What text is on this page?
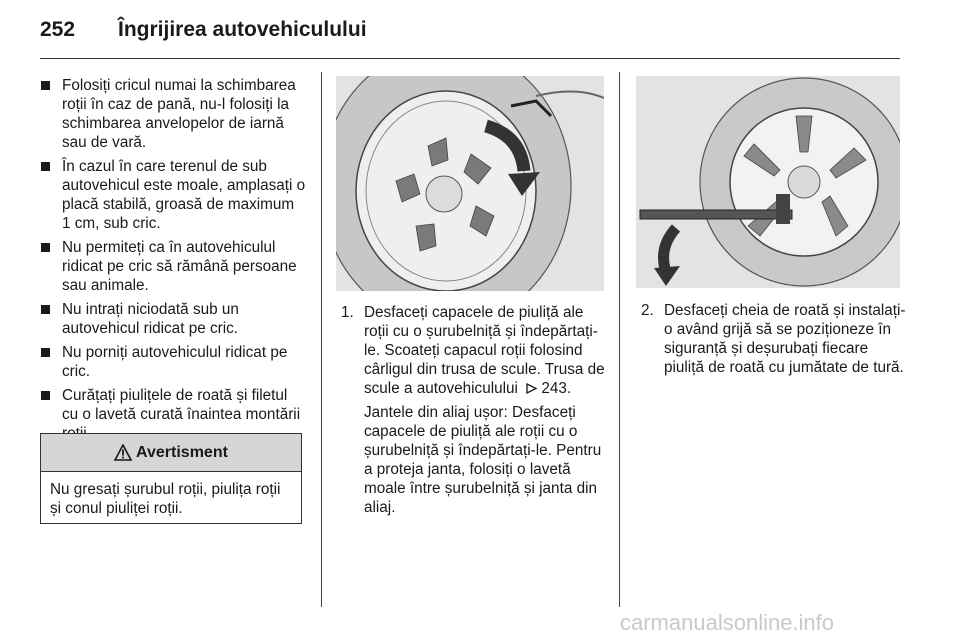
252 Îngrijirea autovehiculului
Folosiți cricul numai la schimbarea roții în caz de pană, nu-l folosiți la schimbarea anvelopelor de iarnă sau de vară.
În cazul în care terenul de sub autovehicul este moale, amplasați o placă stabilă, groasă de maximum 1 cm, sub cric.
Nu permiteți ca în autovehiculul ridicat pe cric să rămână persoane sau animale.
Nu intrați niciodată sub un autovehicul ridicat pe cric.
Nu porniți autovehiculul ridicat pe cric.
Curățați piulițele de roată și filetul cu o lavetă curată înaintea montării
Avertisment
Nu gresați șurubul roții, piulița roții și conul piuliței roții.
1. Desfaceți capacele de piuliță ale roții cu o șurubelniță și îndepărtați-le. Scoateți capacul roții folosind cârligul din trusa de scule. Trusa de scule a autovehiculului 243.
Jantele din aliaj ușor: Desfaceți capacele de piuliță ale roții cu o șurubelniță și îndepărtați-le. Pentru a proteja janta, folosiți o lavetă moale între șurubelniță și janta din aliaj.
2. Desfaceți cheia de roată și instalați-o având grijă să se poziționeze în siguranță și deșurubați fiecare piuliță de roată cu jumătate de tură.
carmanualsonline.info
